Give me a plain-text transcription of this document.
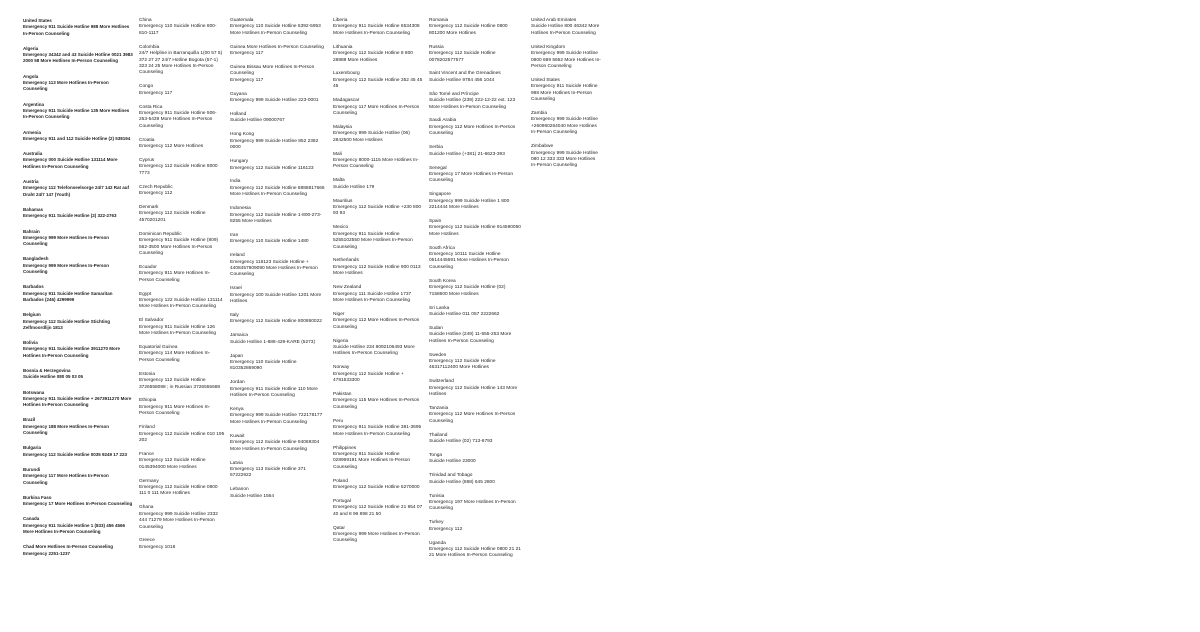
United States
Emergency 911 Suicide Hotline 988 More Hotlines In-Person Counseling
Algeria
Emergency 34342 and 43 Suicide Hotline 0021 3983 2000 58 More Hotlines In-Person Counseling
Angola
Emergency 113 More Hotlines In-Person Counseling
Argentina
Emergency 911 Suicide Hotline 135 More Hotlines In-Person Counseling
Armenia
Emergency 911 and 112 Suicide Hotline (2) 538194
Australia
Emergency 000 Suicide Hotline 131114 More Hotlines In-Person Counseling
Austria
Emergency 112 Telefonseelsorge 24/7 142 Rat auf Draht 24/7 147 (Youth)
Bahamas
Emergency 911 Suicide Hotline (2) 322-2763
Bahrain
Emergency 999 More Hotlines In-Person Counseling
Bangladesh
Emergency 999 More Hotlines In-Person Counseling
Barbados
Emergency 911 Suicide Hotline Samaritan Barbados (246) 4299999
Belgium
Emergency 112 Suicide Hotline Stichting Zelfmoordlijn 1813
Bolivia
Emergency 911 Suicide Hotline 3911270 More Hotlines In-Person Counseling
Bosnia & Herzegovina
Suicide Hotline 080 05 03 05
Botswana
Emergency 911 Suicide Hotline + 2673911270 More Hotlines In-Person Counseling
Brazil
Emergency 188 More Hotlines In-Person Counseling
Bulgaria
Emergency 112 Suicide Hotline 0035 9249 17 223
Burundi
Emergency 117 More Hotlines In-Person Counseling
Burkina Faso
Emergency 17 More Hotlines In-Person Counseling
Canada
Emergency 911 Suicide Hotline 1 (833) 456 4566 More Hotlines In-Person Counseling
Chad More Hotlines In-Person Counseling
Emergency 2251-1237
China
Emergency 110 Suicide Hotline 800-810-1117
Colombia
24/7 Helpline in Barranquilla 1(00 57 5) 372 27 27 24/7 Hotline Bogota (57-1) 323 24 25 More Hotlines In-Person Counseling
Congo
Emergency 117
Costa Rica
Emergency 911 Suicide Hotline 506-253-5439 More Hotlines In-Person Counseling
Croatia
Emergency 112 More Hotlines
Cyprus
Emergency 112 Suicide Hotline 8000 7773
Czech Republic
Emergency 112
Denmark
Emergency 112 Suicide Hotline 4570201201
Dominican Republic
Emergency 911 Suicide Hotline (809) 562-3500 More Hotlines In-Person Counseling
Ecuador
Emergency 911 More Hotlines In-Person Counseling
Egypt
Emergency 122 Suicide Hotline 131114 More Hotlines In-Person Counseling
El Salvador
Emergency 911 Suicide Hotline 126 More Hotlines In-Person Counseling
Equatorial Guinea
Emergency 114 More Hotlines In-Person Counseling
Estonia
Emergency 112 Suicide Hotline 3726558088 ; in Russian 3726555688
Ethiopia
Emergency 911 More Hotlines In-Person Counseling
Finland
Emergency 112 Suicide Hotline 010 195 202
France
Emergency 112 Suicide Hotline 0145394000 More Hotlines
Germany
Emergency 112 Suicide Hotline 0800 111 0 111 More Hotlines
Ghana
Emergency 999 Suicide Hotline 2332 444 71279 More Hotlines In-Person Counseling
Greece
Emergency 1018
Guatemala
Emergency 110 Suicide Hotline 5392-5953 More Hotlines In-Person Counseling
Guinea More Hotlines In-Person Counseling
Emergency 117
Guinea Bissau More Hotlines In-Person Counseling
Emergency 117
Guyana
Emergency 999 Suicide Hotline 223-0001
Holland
Suicide Hotline 09000767
Hong Kong
Emergency 999 Suicide Hotline 852 2382 0000
Hungary
Emergency 112 Suicide Hotline 116123
India
Emergency 112 Suicide Hotline 8888817666 More Hotlines In-Person Counseling
Indonesia
Emergency 112 Suicide Hotline 1-800-273-8255 More Hotlines
Iran
Emergency 110 Suicide Hotline 1480
Ireland
Emergency 116123 Suicide Hotline + 4408457909090 More Hotlines In-Person Counseling
Israel
Emergency 100 Suicide Hotline 1201 More Hotlines
Italy
Emergency 112 Suicide Hotline 800860022
Jamaica
Suicide Hotline 1-888-429-KARE (5273)
Japan
Emergency 110 Suicide Hotline 810352869090
Jordan
Emergency 911 Suicide Hotline 110 More Hotlines In-Person Counseling
Kenya
Emergency 999 Suicide Hotline 722178177 More Hotlines In-Person Counseling
Kuwait
Emergency 112 Suicide Hotline 94069304 More Hotlines In-Person Counseling
Latvia
Emergency 113 Suicide Hotline 371 67222922
Lebanon
Suicide Hotline 1564
Liberia
Emergency 911 Suicide Hotline 6534308 More Hotlines In-Person Counseling
Lithuania
Emergency 112 Suicide Hotline 8 800 28888 More Hotlines
Luxembourg
Emergency 112 Suicide Hotline 352 45 45 45
Madagascar
Emergency 117 More Hotlines In-Person Counseling
Malaysia
Emergency 999 Suicide Hotline (06) 2842500 More Hotlines
Mali
Emergency 8000-1115 More Hotlines In-Person Counseling
Malta
Suicide Hotline 179
Mauritius
Emergency 112 Suicide Hotline +230 800 93 93
Mexico
Emergency 911 Suicide Hotline 5255102550 More Hotlines In-Person Counseling
Netherlands
Emergency 112 Suicide Hotline 900 0113 More Hotlines
New Zealand
Emergency 111 Suicide Hotline 1737 More Hotlines In-Person Counseling
Niger
Emergency 112 More Hotlines In-Person Counseling
Nigeria
Suicide Hotline 234 8092106493 More Hotlines In-Person Counseling
Norway
Emergency 112 Suicide Hotline + 4781533300
Pakistan
Emergency 115 More Hotlines In-Person Counseling
Peru
Emergency 911 Suicide Hotline 381-3695 More Hotlines In-Person Counseling
Philippines
Emergency 911 Suicide Hotline 028969191 More Hotlines In-Person Counseling
Poland
Emergency 112 Suicide Hotline 5270000
Portugal
Emergency 112 Suicide Hotline 21 854 07 40 and 8 96 898 21 50
Qatar
Emergency 999 More Hotlines In-Person Counseling
Romania
Emergency 112 Suicide Hotline 0800 801200 More Hotlines
Russia
Emergency 112 Suicide Hotline 0078202577577
Saint Vincent and the Grenadines
Suicide Hotline 9784 456 1044
São Tomé and Príncipe
Suicide Hotline (239) 222-12-22 ext. 123 More Hotlines In-Person Counseling
Saudi Arabia
Emergency 112 More Hotlines In-Person Counseling
Serbia
Suicide Hotline (+381) 21-6623-393
Senegal
Emergency 17 More Hotlines In-Person Counseling
Singapore
Emergency 999 Suicide Hotline 1 800 2214444 More Hotlines
Spain
Emergency 112 Suicide Hotline 914590050 More Hotlines
South Africa
Emergency 10111 Suicide Hotline 0514445691 More Hotlines In-Person Counseling
South Korea
Emergency 112 Suicide Hotline (02) 7158600 More Hotlines
Sri Lanka
Suicide Hotline 011 057 2222662
Sudan
Suicide Hotline (249) 11-555-253 More Hotlines In-Person Counseling
Sweden
Emergency 112 Suicide Hotline 46317112400 More Hotlines
Switzerland
Emergency 112 Suicide Hotline 143 More Hotlines
Tanzania
Emergency 112 More Hotlines In-Person Counseling
Thailand
Suicide Hotline (02) 713-6793
Tonga
Suicide Hotline 23000
Trinidad and Tobago
Suicide Hotline (868) 645 2800
Tunisia
Emergency 197 More Hotlines In-Person Counseling
Turkey
Emergency 112
Uganda
Emergency 112 Suicide Hotline 0800 21 21 21 More Hotlines In-Person Counseling
United Arab Emirates
Suicide Hotline 800 46342 More Hotlines In-Person Counseling
United Kingdom
Emergency 999 Suicide Hotline 0800 689 5652 More Hotlines In-Person Counseling
United States
Emergency 911 Suicide Hotline 988 More Hotlines In-Person Counseling
Zambia
Emergency 999 Suicide Hotline +260960264040 More Hotlines In-Person Counseling
Zimbabwe
Emergency 999 Suicide Hotline 080 12 333 333 More Hotlines In-Person Counseling
